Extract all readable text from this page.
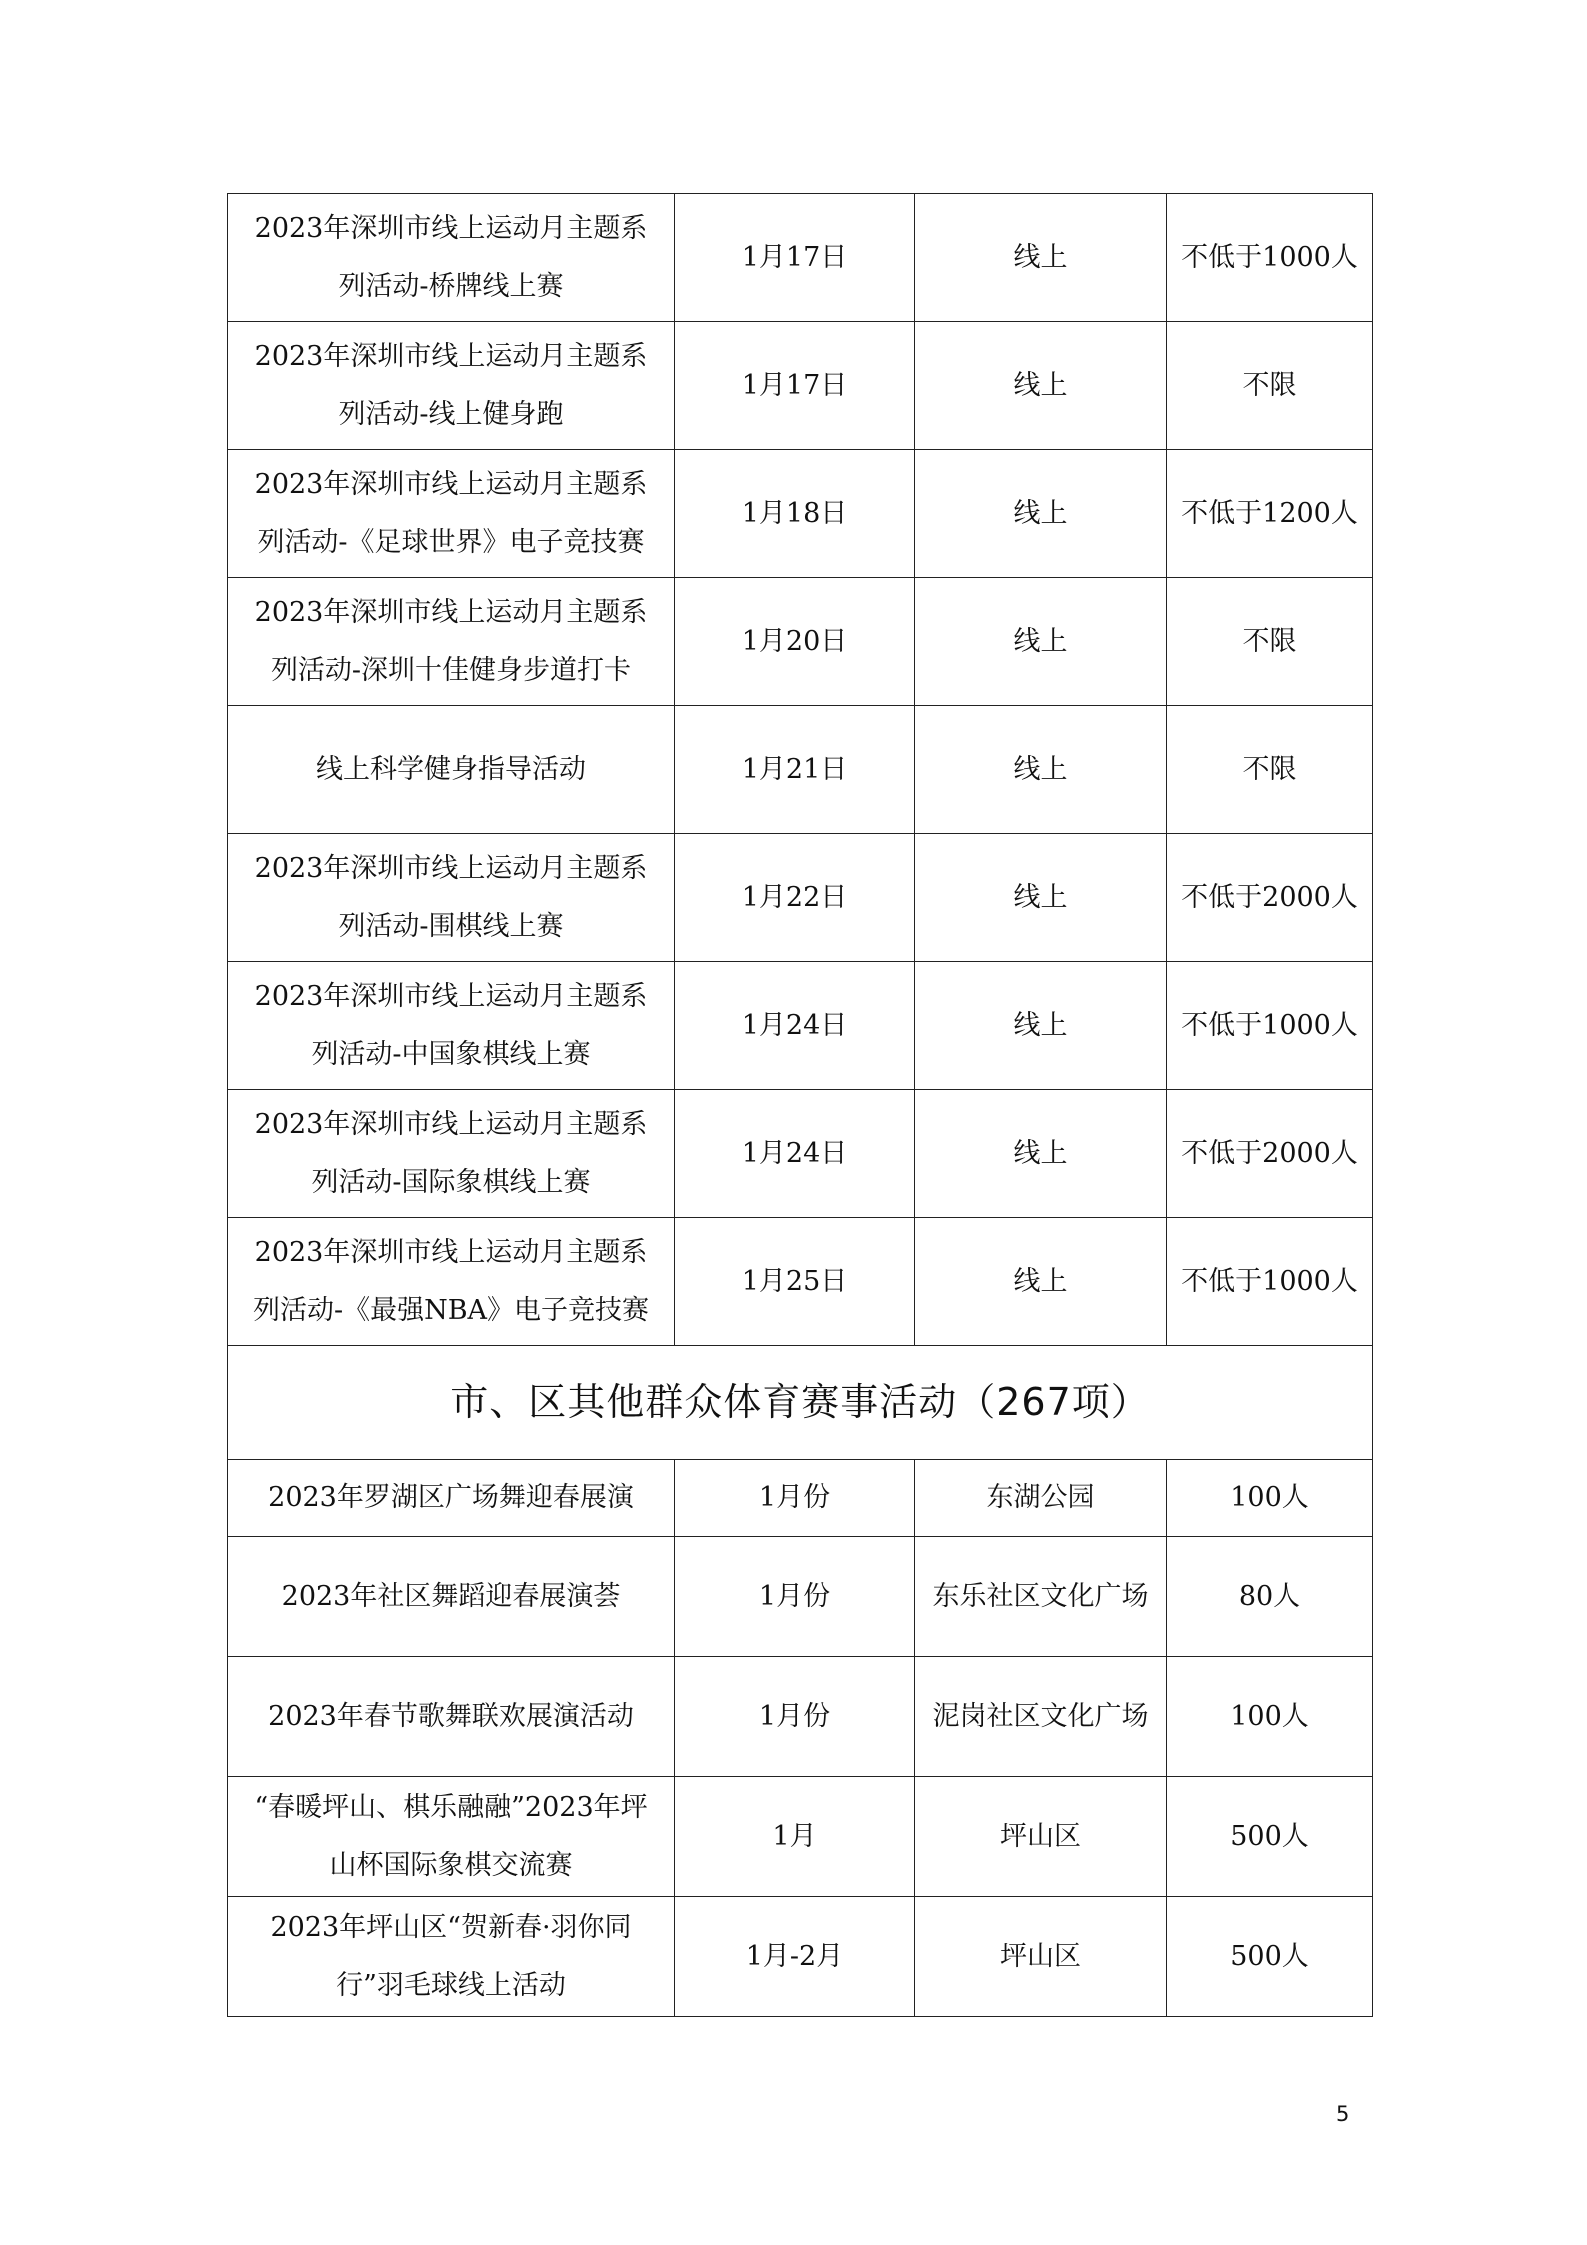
2023年深圳市线上运动月主题系列活动-桥牌线上赛	1月17日	线上	不低于1000人
2023年深圳市线上运动月主题系列活动-线上健身跑	1月17日	线上	不限
2023年深圳市线上运动月主题系列活动-《足球世界》电子竞技赛	1月18日	线上	不低于1200人
2023年深圳市线上运动月主题系列活动-深圳十佳健身步道打卡	1月20日	线上	不限
线上科学健身指导活动	1月21日	线上	不限
2023年深圳市线上运动月主题系列活动-围棋线上赛	1月22日	线上	不低于2000人
2023年深圳市线上运动月主题系列活动-中国象棋线上赛	1月24日	线上	不低于1000人
2023年深圳市线上运动月主题系列活动-国际象棋线上赛	1月24日	线上	不低于2000人
2023年深圳市线上运动月主题系列活动-《最强NBA》电子竞技赛	1月25日	线上	不低于1000人
市、区其他群众体育赛事活动（267项）			
2023年罗湖区广场舞迎春展演	1月份	东湖公园	100人
2023年社区舞蹈迎春展演荟	1月份	东乐社区文化广场	80人
2023年春节歌舞联欢展演活动	1月份	泥岗社区文化广场	100人
“春暖坪山、棋乐融融”2023年坪山杯国际象棋交流赛	1月	坪山区	500人
2023年坪山区“贺新春·羽你同行”羽毛球线上活动	1月-2月	坪山区	500人
5
